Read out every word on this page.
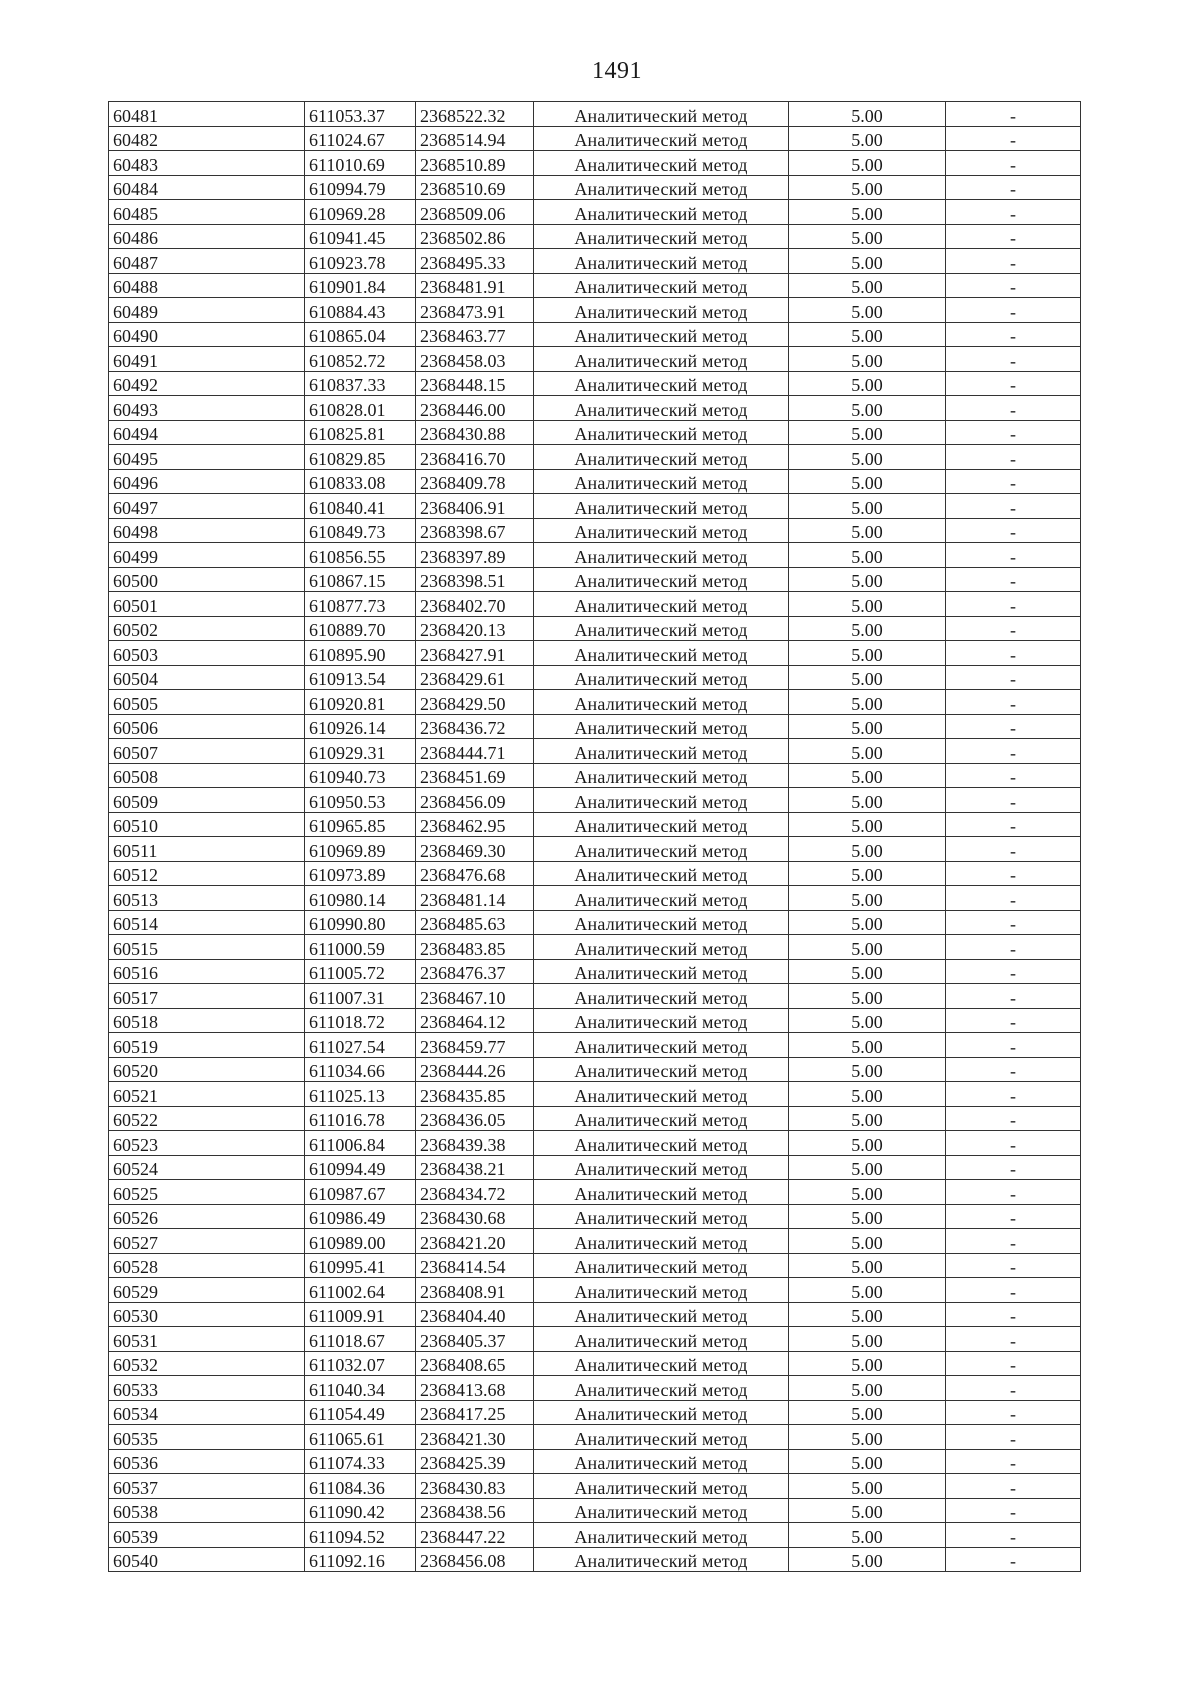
1491
60481	611053.37	2368522.32	Аналитический метод	5.00	-
60482	611024.67	2368514.94	Аналитический метод	5.00	-
60483	611010.69	2368510.89	Аналитический метод	5.00	-
60484	610994.79	2368510.69	Аналитический метод	5.00	-
60485	610969.28	2368509.06	Аналитический метод	5.00	-
60486	610941.45	2368502.86	Аналитический метод	5.00	-
60487	610923.78	2368495.33	Аналитический метод	5.00	-
60488	610901.84	2368481.91	Аналитический метод	5.00	-
60489	610884.43	2368473.91	Аналитический метод	5.00	-
60490	610865.04	2368463.77	Аналитический метод	5.00	-
60491	610852.72	2368458.03	Аналитический метод	5.00	-
60492	610837.33	2368448.15	Аналитический метод	5.00	-
60493	610828.01	2368446.00	Аналитический метод	5.00	-
60494	610825.81	2368430.88	Аналитический метод	5.00	-
60495	610829.85	2368416.70	Аналитический метод	5.00	-
60496	610833.08	2368409.78	Аналитический метод	5.00	-
60497	610840.41	2368406.91	Аналитический метод	5.00	-
60498	610849.73	2368398.67	Аналитический метод	5.00	-
60499	610856.55	2368397.89	Аналитический метод	5.00	-
60500	610867.15	2368398.51	Аналитический метод	5.00	-
60501	610877.73	2368402.70	Аналитический метод	5.00	-
60502	610889.70	2368420.13	Аналитический метод	5.00	-
60503	610895.90	2368427.91	Аналитический метод	5.00	-
60504	610913.54	2368429.61	Аналитический метод	5.00	-
60505	610920.81	2368429.50	Аналитический метод	5.00	-
60506	610926.14	2368436.72	Аналитический метод	5.00	-
60507	610929.31	2368444.71	Аналитический метод	5.00	-
60508	610940.73	2368451.69	Аналитический метод	5.00	-
60509	610950.53	2368456.09	Аналитический метод	5.00	-
60510	610965.85	2368462.95	Аналитический метод	5.00	-
60511	610969.89	2368469.30	Аналитический метод	5.00	-
60512	610973.89	2368476.68	Аналитический метод	5.00	-
60513	610980.14	2368481.14	Аналитический метод	5.00	-
60514	610990.80	2368485.63	Аналитический метод	5.00	-
60515	611000.59	2368483.85	Аналитический метод	5.00	-
60516	611005.72	2368476.37	Аналитический метод	5.00	-
60517	611007.31	2368467.10	Аналитический метод	5.00	-
60518	611018.72	2368464.12	Аналитический метод	5.00	-
60519	611027.54	2368459.77	Аналитический метод	5.00	-
60520	611034.66	2368444.26	Аналитический метод	5.00	-
60521	611025.13	2368435.85	Аналитический метод	5.00	-
60522	611016.78	2368436.05	Аналитический метод	5.00	-
60523	611006.84	2368439.38	Аналитический метод	5.00	-
60524	610994.49	2368438.21	Аналитический метод	5.00	-
60525	610987.67	2368434.72	Аналитический метод	5.00	-
60526	610986.49	2368430.68	Аналитический метод	5.00	-
60527	610989.00	2368421.20	Аналитический метод	5.00	-
60528	610995.41	2368414.54	Аналитический метод	5.00	-
60529	611002.64	2368408.91	Аналитический метод	5.00	-
60530	611009.91	2368404.40	Аналитический метод	5.00	-
60531	611018.67	2368405.37	Аналитический метод	5.00	-
60532	611032.07	2368408.65	Аналитический метод	5.00	-
60533	611040.34	2368413.68	Аналитический метод	5.00	-
60534	611054.49	2368417.25	Аналитический метод	5.00	-
60535	611065.61	2368421.30	Аналитический метод	5.00	-
60536	611074.33	2368425.39	Аналитический метод	5.00	-
60537	611084.36	2368430.83	Аналитический метод	5.00	-
60538	611090.42	2368438.56	Аналитический метод	5.00	-
60539	611094.52	2368447.22	Аналитический метод	5.00	-
60540	611092.16	2368456.08	Аналитический метод	5.00	-
